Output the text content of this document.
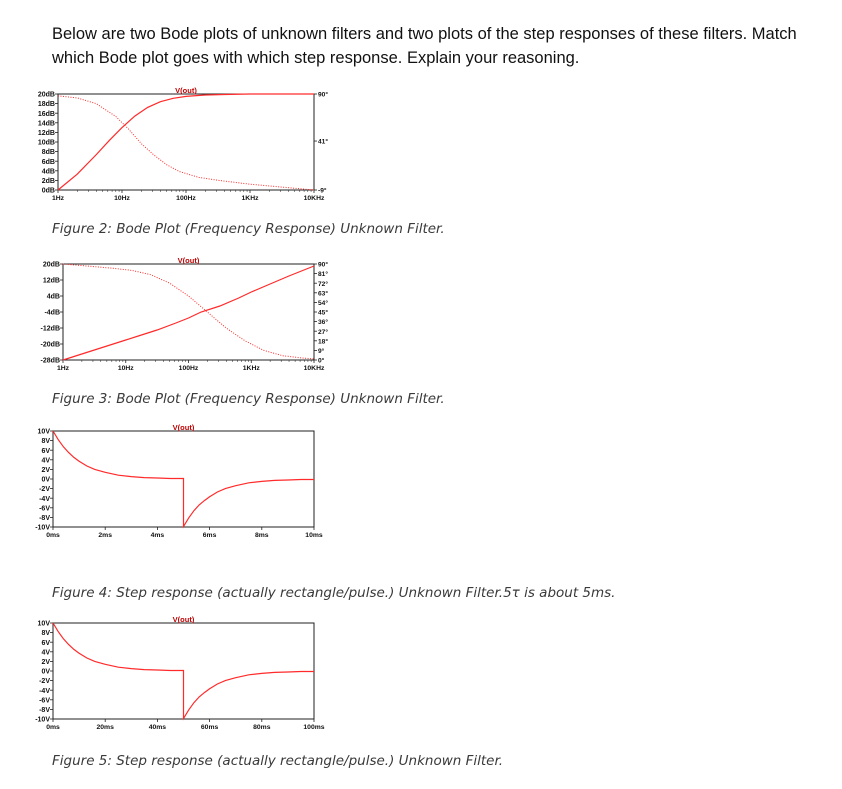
Below are two Bode plots of unknown filters and two plots of the step responses of these filters. Match
which Bode plot goes with which step response. Explain your reasoning.
V(out)
20dB
18dB
16dB
14dB
12dB
10dB
8dB
6dB
4dB
2dB
0dB
90°
41°
-9°
1Hz	10Hz	100Hz	1KHz	10KHz
Figure 2: Bode Plot (Frequency Response) Unknown Filter.
V(out)
20dB
12dB
4dB
-4dB
-12dB
-20dB
-28dB
90°
81°
72°
63°
54°
45°
36°
27°
18°
9°
0°
1Hz	10Hz	100Hz	1KHz	10KHz
Figure 3: Bode Plot (Frequency Response) Unknown Filter.
V(out)
10V
8V
6V
4V
2V
0V
-2V
-4V
-6V
-8V
-10V
0ms	2ms	4ms	6ms	8ms	10ms
Figure 4: Step response (actually rectangle/pulse.) Unknown Filter.5τ is about 5ms.
V(out)
10V
8V
6V
4V
2V
0V
-2V
-4V
-6V
-8V
-10V
0ms	20ms	40ms	60ms	80ms	100ms
Figure 5: Step response (actually rectangle/pulse.) Unknown Filter.
